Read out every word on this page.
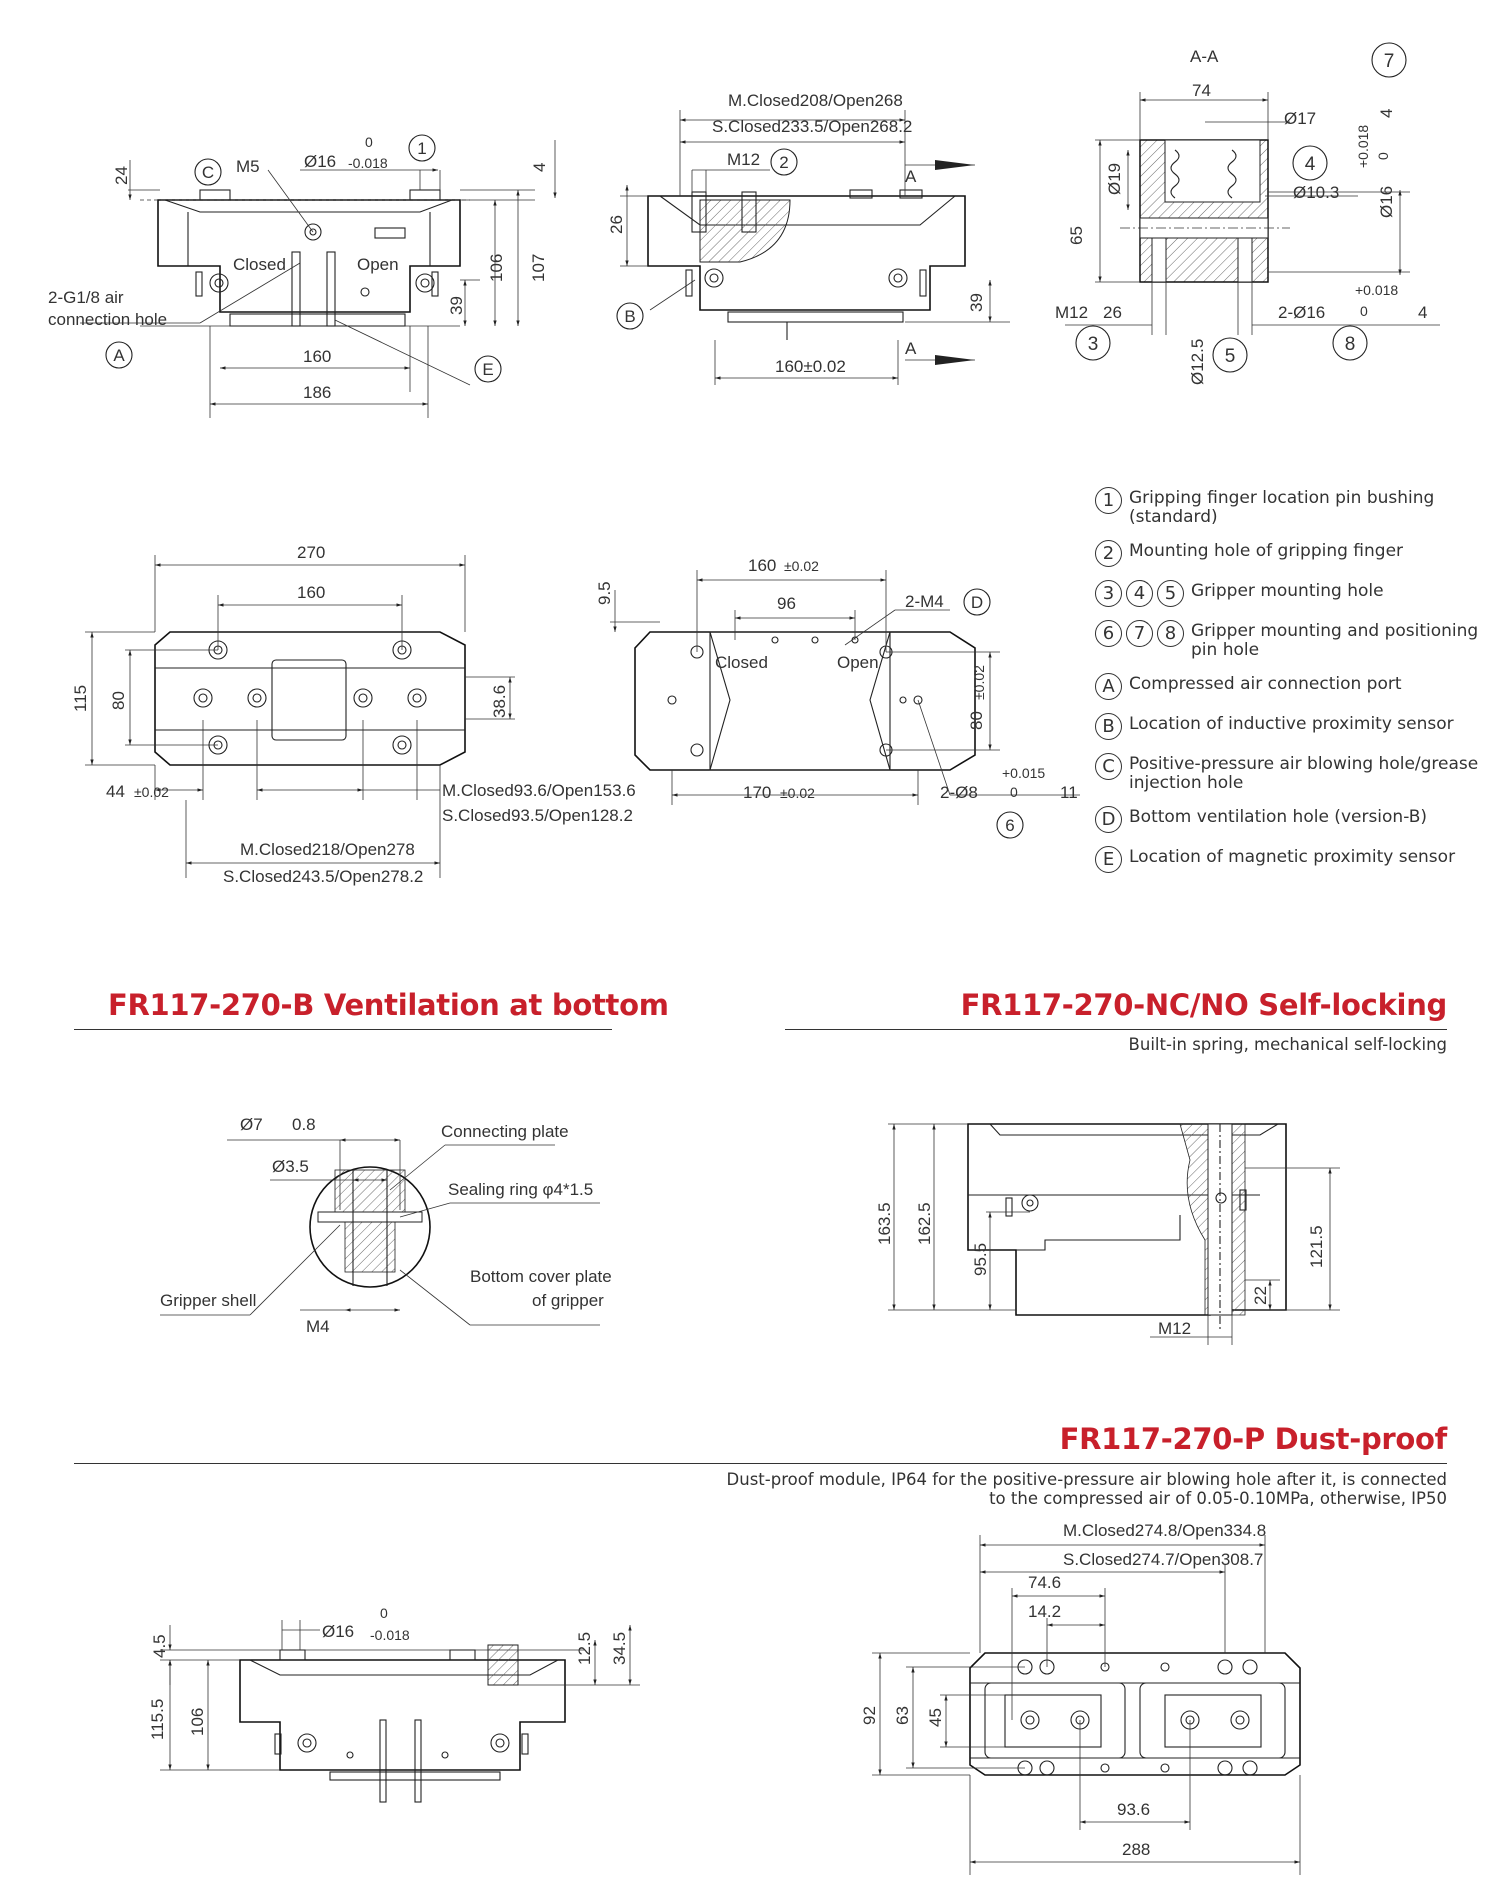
C
1
A
E
24	M5	Ø16
0
-0.018	4
106 107
39
Closed	Open
2-G1/8 air
connection hole
160
186
2
B
M.Closed208/Open268
S.Closed233.5/Open268.2
M12
26
39
160±0.02
A
A
7
4
3
5
8
A-A
74
Ø17
Ø19	Ø10.3
65
Ø16
+0.018 0
4
M12 26
Ø12.5
2-Ø16
+0.018
0	4
270
160
115 80	38.6
44 ±0.02	M.Closed93.6/Open153.6
S.Closed93.5/Open128.2
M.Closed218/Open278
S.Closed243.5/Open278.2
D
6
160 ±0.02
96
9.5	2-M4
Closed	Open
80
±0.02
170 ±0.02	2-Ø8
+0.015
0 11
Ø7 0.8
Ø3.5
Connecting plate
Sealing ring φ4*1.5
Gripper shell
M4
Bottom cover plate
of gripper
163.5 162.5
95.5	121.5
22
M12
4.5
Ø16
0
-0.018	12.5 34.5
115.5 106
M.Closed274.8/Open334.8
S.Closed274.7/Open308.7
74.6
14.2
92 63 45
93.6
288
1 Gripping finger location pin bushing (standard)
2 Mounting hole of gripping finger
3	4	5 Gripper mounting hole
6	7	8 Gripper mounting and positioning pin hole
A Compressed air connection port
B Location of inductive proximity sensor
C Positive-pressure air blowing hole/grease injection hole
D Bottom ventilation hole (version-B)
E Location of magnetic proximity sensor
FR117-270-B Ventilation at bottom	FR117-270-NC/NO Self-locking
Built-in spring, mechanical self-locking
FR117-270-P Dust-proof
Dust-proof module, IP64 for the positive-pressure air blowing hole after it, is connected
to the compressed air of 0.05-0.10MPa, otherwise, IP50
